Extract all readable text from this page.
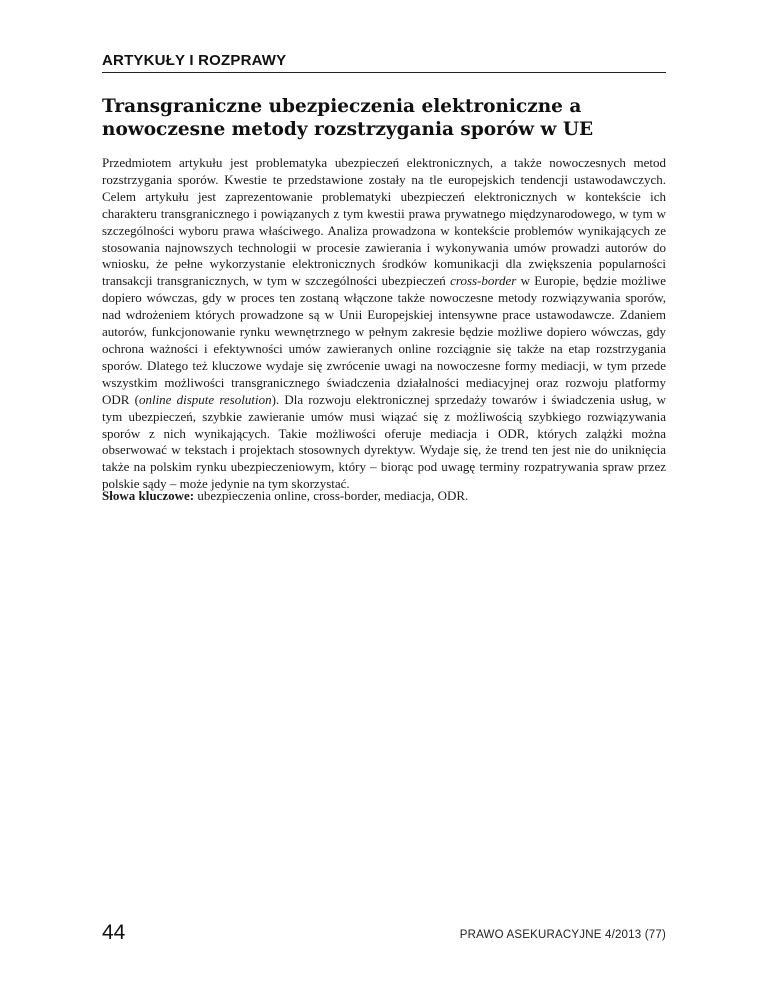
ARTYKUŁY I ROZPRAWY
Transgraniczne ubezpieczenia elektroniczne a nowoczesne metody rozstrzygania sporów w UE

Przedmiotem artykułu jest problematyka ubezpieczeń elektronicznych, a także nowoczesnych metod rozstrzygania sporów. Kwestie te przedstawione zostały na tle europejskich tendencji ustawodawczych. Celem artykułu jest zaprezentowanie problematyki ubezpieczeń elektronicznych w kontekście ich charakteru transgranicznego i powiązanych z tym kwestii prawa prywatnego międzynarodowego, w tym w szczególności wyboru prawa właściwego. Analiza prowadzona w kontekście problemów wynikających ze stosowania najnowszych technologii w procesie zawierania i wykonywania umów prowadzi autorów do wniosku, że pełne wykorzystanie elektronicznych środków komunikacji dla zwiększenia popularności transakcji transgranicznych, w tym w szczególności ubezpieczeń cross-border w Europie, będzie możliwe dopiero wówczas, gdy w proces ten zostaną włączone także nowoczesne metody rozwiązywania sporów, nad wdrożeniem których prowadzone są w Unii Europejskiej intensywne prace ustawodawcze. Zdaniem autorów, funkcjonowanie rynku wewnętrznego w pełnym zakresie będzie możliwe dopiero wówczas, gdy ochrona ważności i efektywności umów zawieranych online rozciągnie się także na etap rozstrzygania sporów. Dlatego też kluczowe wydaje się zwrócenie uwagi na nowoczesne formy mediacji, w tym przede wszystkim możliwości transgranicznego świadczenia działalności mediacyjnej oraz rozwoju platformy ODR (online dispute resolution). Dla rozwoju elektronicznej sprzedaży towarów i świadczenia usług, w tym ubezpieczeń, szybkie zawieranie umów musi wiązać się z możliwością szybkiego rozwiązywania sporów z nich wynikających. Takie możliwości oferuje mediacja i ODR, których zalążki można obserwować w tekstach i projektach stosownych dyrektyw. Wydaje się, że trend ten jest nie do uniknięcia także na polskim rynku ubezpieczeniowym, który – biorąc pod uwagę terminy rozpatrywania spraw przez polskie sądy – może jedynie na tym skorzystać.

Słowa kluczowe: ubezpieczenia online, cross-border, mediacja, ODR.

44	PRAWO ASEKURACYJNE 4/2013 (77)
